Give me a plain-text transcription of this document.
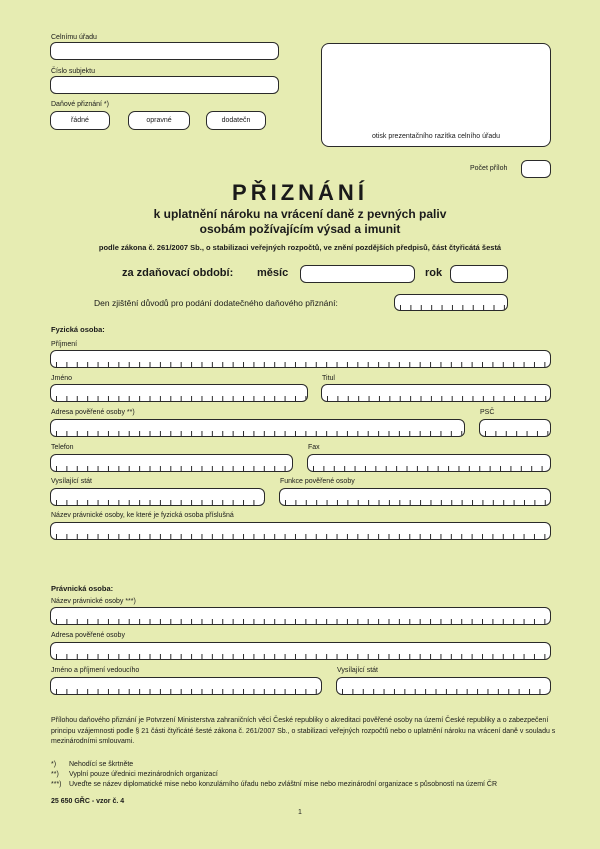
Celnímu úřadu
Číslo subjektu
Daňové přiznání *)
řádné	opravné	dodatečn
otisk prezentačního razítka celního úřadu
Počet příloh
PŘIZNÁNÍ
k uplatnění nároku na vrácení daně z pevných paliv
osobám požívajícím výsad a imunit
podle zákona č. 261/2007 Sb., o stabilizaci veřejných rozpočtů, ve znění pozdějších předpisů, část čtyřicátá šestá
za zdaňovací období: měsíc	rok
Den zjištění důvodů pro podání dodatečného daňového přiznání:
Fyzická osoba:
Příjmení
Jméno	Titul
Adresa pověřené osoby **)	PSČ
Telefon	Fax
Vysílající stát	Funkce pověřené osoby
Název právnické osoby, ke které je fyzická osoba příslušná
Právnická osoba:
Název právnické osoby ***)
Adresa pověřené osoby
Jméno a příjmení vedoucího	Vysílající stát
Přílohou daňového přiznání je Potvrzení Ministerstva zahraničních věcí České republiky o akreditaci pověřené osoby na území České republiky a o zabezpečení principu vzájemnosti podle § 21 části čtyřicáté šesté zákona č. 261/2007 Sb., o stabilizaci veřejných rozpočtů nebo o uplatnění nároku na vrácení daně v souladu s mezinárodními smlouvami.
*) Nehodící se škrtněte
**) Vyplní pouze úřednici mezinárodních organizací
***) Uveďte se název diplomatické mise nebo konzulárního úřadu nebo zvláštní mise nebo mezinárodní organizace s působností na území ČR
25 650 GŘC - vzor č. 4
1
